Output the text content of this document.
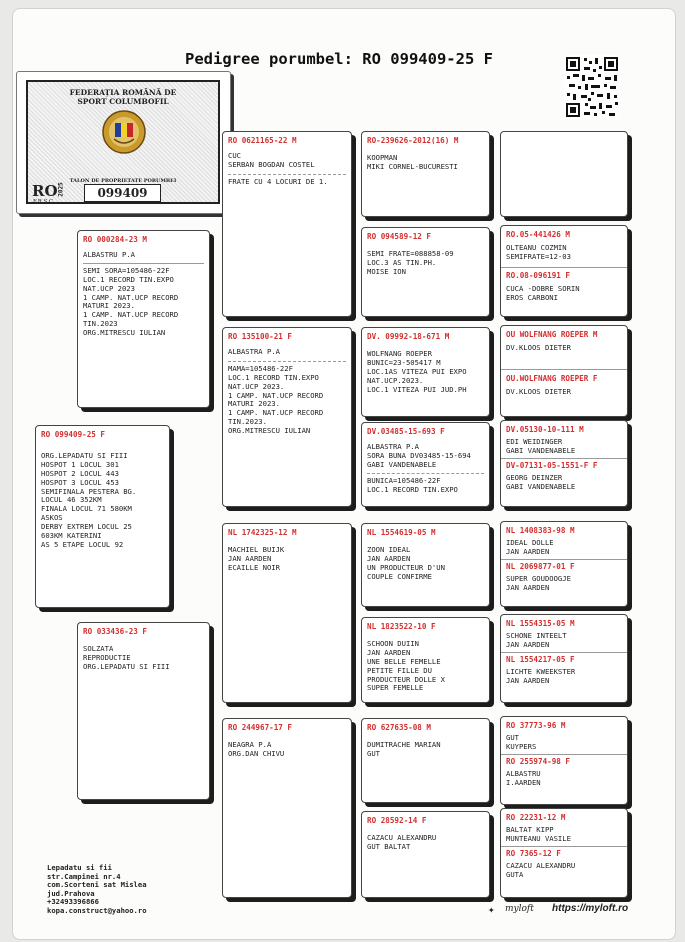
Pedigree porumbel: RO 099409-25 F
FEDERAȚIA ROMÂNĂ DE
SPORT COLUMBOFIL
TALON DE PROPRIETATE PORUMBEI
RO
F.R.S.C
2025	099409
RO 099409-25 F
ORG.LEPADATU SI FIII
HOSPOT 1 LOCUL 301
HOSPOT 2 LOCUL 443
HOSPOT 3 LOCUL 453
SEMIFINALA PESTERA BG.
LOCUL 46 352KM
FINALA LOCUL 71 580KM
ASKOS
DERBY EXTREM LOCUL 25
603KM KATERINI
AS 5 ETAPE LOCUL 92
RO 000284-23 M
ALBASTRU P.A
SEMI SORA=105486-22F
LOC.1 RECORD TIN.EXPO
NAT.UCP 2023
1 CAMP. NAT.UCP RECORD
MATURI 2023.
1 CAMP. NAT.UCP RECORD
TIN.2023
ORG.MITRESCU IULIAN
RO 033436-23 F
SOLZATA
REPRODUCTIE
ORG.LEPADATU SI FIII
RO 0621165-22 M
CUC
SERBAN BOGDAN COSTEL
FRATE CU 4 LOCURI DE 1.
RO 135100-21 F
ALBASTRA P.A
MAMA=105486-22F
LOC.1 RECORD TIN.EXPO
NAT.UCP 2023.
1 CAMP. NAT.UCP RECORD
MATURI 2023.
1 CAMP. NAT.UCP RECORD
TIN.2023.
ORG.MITRESCU IULIAN
NL 1742325-12 M
MACHIEL BUIJK
JAN AARDEN
ECAILLE NOIR
RO 244967-17 F
NEAGRA P.A
ORG.DAN CHIVU
RO-239626-2012(16) M
KOOPMAN
MIKI CORNEL-BUCURESTI
RO 094589-12 F
SEMI FRATE=088858-09
LOC.3 AS TIN.PH.
MOISE ION
DV. 09992-18-671 M
WOLFNANG ROEPER
BUNIC=23-505417 M
LOC.1AS VITEZA PUI EXPO
NAT.UCP.2023.
LOC.1 VITEZA PUI JUD.PH
DV.03485-15-693 F
ALBASTRA P.A
SORA BUNA DV03485-15-694
GABI VANDENABELE
BUNICA=105486-22F
LOC.1 RECORD TIN.EXPO
NL 1554619-05 M
ZOON IDEAL
JAN AARDEN
UN PRODUCTEUR D'UN
COUPLE CONFIRME
NL 1823522-10 F
SCHOON DUIIN
JAN AARDEN
UNE BELLE FEMELLE
PETITE FILLE DU
PRODUCTEUR DOLLE X
SUPER FEMELLE
RO 627635-08 M
DUMITRACHE MARIAN
GUT
RO 28592-14 F
CAZACU ALEXANDRU
GUT BALTAT
RO.05-441426 M
OLTEANU COZMIN
SEMIFRATE=12-03
RO.08-096191 F
CUCA -DOBRE SORIN
EROS CARBONI
OU WOLFNANG ROEPER M
DV.KLOOS DIETER
OU.WOLFNANG ROEPER F
DV.KLOOS DIETER
DV.05130-10-111 M
EDI WEIDINGER
GABI VANDENABELE
DV-07131-05-1551-F F
GEORG DEINZER
GABI VANDENABELE
NL 1408383-98 M
IDEAL DOLLE
JAN AARDEN
NL 2069877-01 F
SUPER GOUDOOGJE
JAN AARDEN
NL 1554315-05 M
SCHONE INTEELT
JAN AARDEN
NL 1554217-05 F
LICHTE KWEEKSTER
JAN AARDEN
RO 37773-96 M
GUT
KUYPERS
RO 255974-98 F
ALBASTRU
I.AARDEN
RO 22231-12 M
BALTAT KIPP
MUNTEANU VASILE
RO 7365-12 F
CAZACU ALEXANDRU
GUTA
Lepadatu si fii
str.Campinei nr.4
com.Scorteni sat Mislea
jud.Prahova
+32493396866
kopa.construct@yahoo.ro	✦ myloft https://myloft.ro
